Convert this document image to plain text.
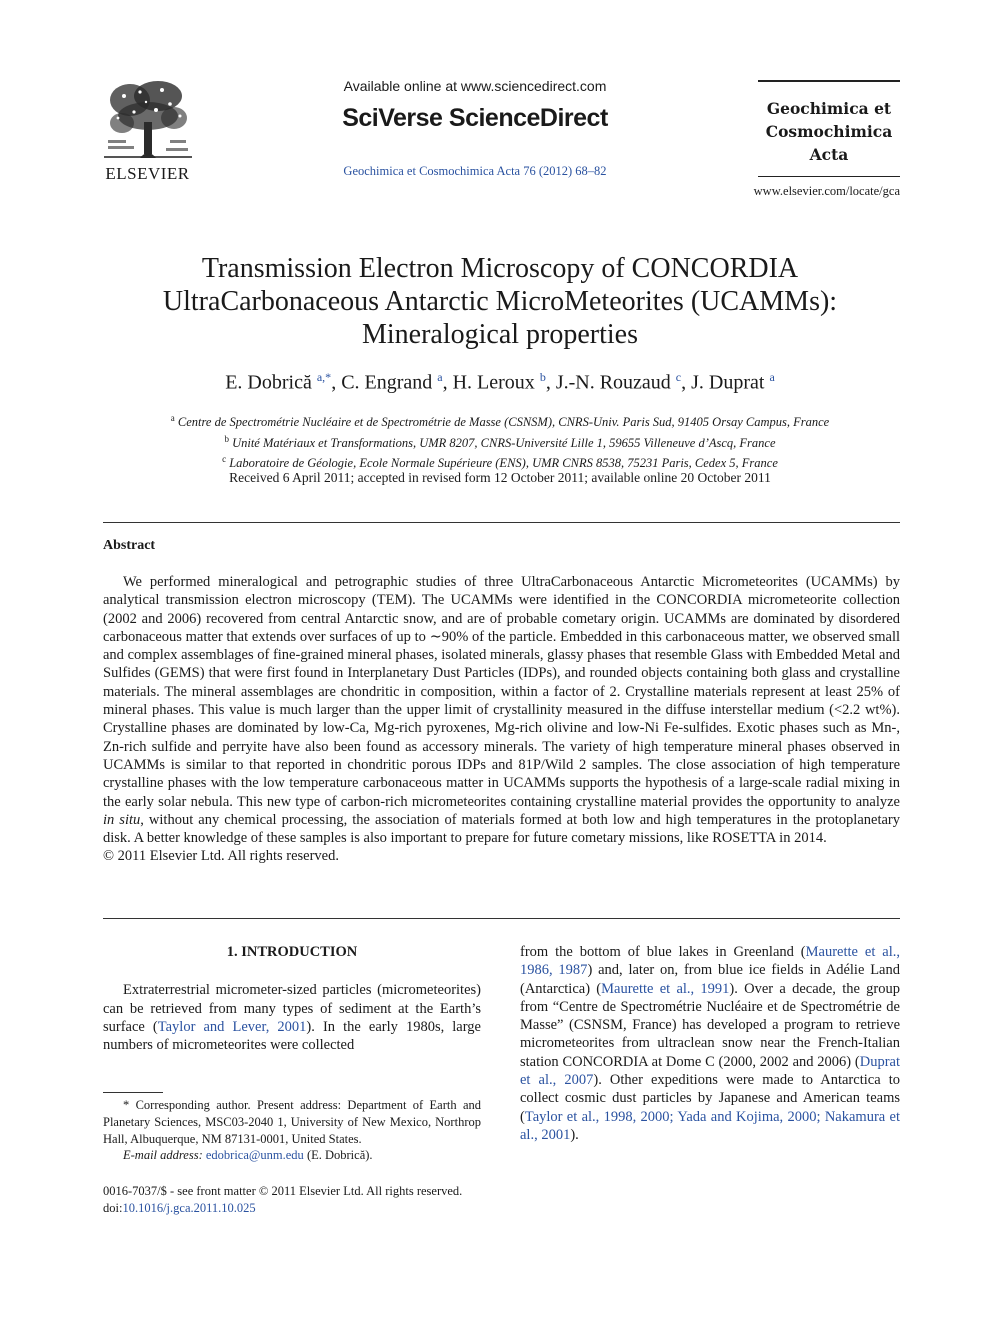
ELSEVIER
Available online at www.sciencedirect.com
SciVerse ScienceDirect
Geochimica et Cosmochimica Acta 76 (2012) 68–82
Geochimica et
Cosmochimica
Acta
www.elsevier.com/locate/gca
Transmission Electron Microscopy of CONCORDIA
UltraCarbonaceous Antarctic MicroMeteorites (UCAMMs):
Mineralogical properties
E. Dobrică $^{a,*}$, C. Engrand $^a$, H. Leroux $^b$, J.-N. Rouzaud $^c$, J. Duprat $^a$
$^a$ Centre de Spectrométrie Nucléaire et de Spectrométrie de Masse (CSNSM), CNRS-Univ. Paris Sud, 91405 Orsay Campus, France
$^b$ Unité Matériaux et Transformations, UMR 8207, CNRS-Université Lille 1, 59655 Villeneuve d’Ascq, France
$^c$ Laboratoire de Géologie, Ecole Normale Supérieure (ENS), UMR CNRS 8538, 75231 Paris, Cedex 5, France
Received 6 April 2011; accepted in revised form 12 October 2011; available online 20 October 2011
Abstract

We performed mineralogical and petrographic studies of three UltraCarbonaceous Antarctic Micrometeorites (UCAMMs) by analytical transmission electron microscopy (TEM). The UCAMMs were identified in the CONCORDIA micrometeorite collection (2002 and 2006) recovered from central Antarctic snow, and are of probable cometary origin. UCAMMs are dominated by disordered carbonaceous matter that extends over surfaces of up to ∼90% of the particle. Embedded in this carbonaceous matter, we observed small and complex assemblages of fine-grained mineral phases, isolated minerals, glassy phases that resemble Glass with Embedded Metal and Sulfides (GEMS) that were first found in Interplanetary Dust Particles (IDPs), and rounded objects containing both glass and crystalline materials. The mineral assemblages are chondritic in composition, within a factor of 2. Crystalline materials represent at least 25% of mineral phases. This value is much larger than the upper limit of crystallinity measured in the diffuse interstellar medium (<2.2 wt%). Crystalline phases are dominated by low-Ca, Mg-rich pyroxenes, Mg-rich olivine and low-Ni Fe-sulfides. Exotic phases such as Mn-, Zn-rich sulfide and perryite have also been found as accessory minerals. The variety of high temperature mineral phases observed in UCAMMs is similar to that reported in chondritic porous IDPs and 81P/Wild 2 samples. The close association of high temperature crystalline phases with the low temperature carbonaceous matter in UCAMMs supports the hypothesis of a large-scale radial mixing in the early solar nebula. This new type of carbon-rich micrometeorites containing crystalline material provides the opportunity to analyze in situ, without any chemical processing, the association of materials formed at both low and high temperatures in the protoplanetary disk. A better knowledge of these samples is also important to prepare for future cometary missions, like ROSETTA in 2014.

© 2011 Elsevier Ltd. All rights reserved.

1. INTRODUCTION

Extraterrestrial micrometer-sized particles (micrometeorites) can be retrieved from many types of sediment at the Earth’s surface (Taylor and Lever, 2001). In the early 1980s, large numbers of micrometeorites were collected

from the bottom of blue lakes in Greenland (Maurette et al., 1986, 1987) and, later on, from blue ice fields in Adélie Land (Antarctica) (Maurette et al., 1991). Over a decade, the group from “Centre de Spectrométrie Nucléaire et de Spectrométrie de Masse” (CSNSM, France) has developed a program to retrieve micrometeorites from ultraclean snow near the French-Italian station CONCORDIA at Dome C (2000, 2002 and 2006) (Duprat et al., 2007). Other expeditions were made to Antarctica to collect cosmic dust particles by Japanese and American teams (Taylor et al., 1998, 2000; Yada and Kojima, 2000; Nakamura et al., 2001).

* Corresponding author. Present address: Department of Earth and Planetary Sciences, MSC03-2040 1, University of New Mexico, Northrop Hall, Albuquerque, NM 87131-0001, United States.

E-mail address: edobrica@unm.edu (E. Dobrică).

0016-7037/$ - see front matter © 2011 Elsevier Ltd. All rights reserved.
doi:10.1016/j.gca.2011.10.025
